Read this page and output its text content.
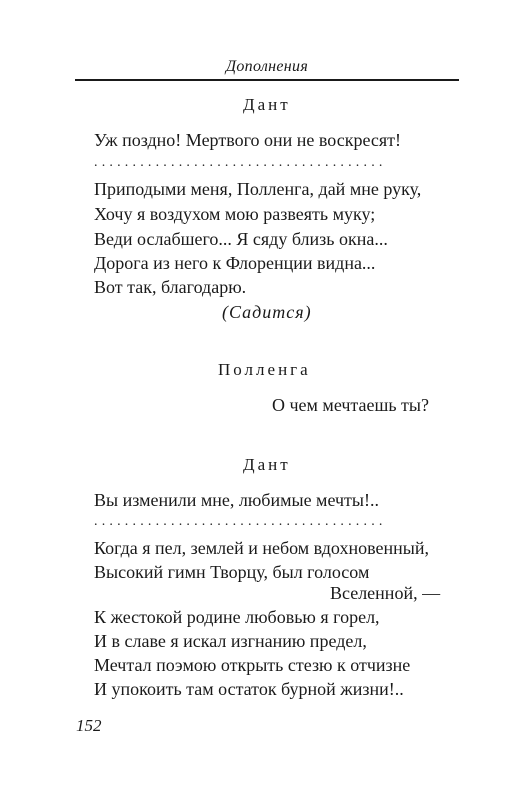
Дополнения
Дант
Уж поздно! Мертвого они не воскресят!
......................................
Приподыми меня, Полленга, дай мне руку,
Хочу я воздухом мою развеять муку;
Веди ослабшего... Я сяду близь окна...
Дорога из него к Флоренции видна...
Вот так, благодарю.
(Садится)
Полленга
О чем мечтаешь ты?
Дант
Вы изменили мне, любимые мечты!..
......................................
Когда я пел, землей и небом вдохновенный,
Высокий гимн Творцу, был голосом
Вселенной, —
К жестокой родине любовью я горел,
И в славе я искал изгнанию предел,
Мечтал поэмою открыть стезю к отчизне
И упокоить там остаток бурной жизни!..
152
